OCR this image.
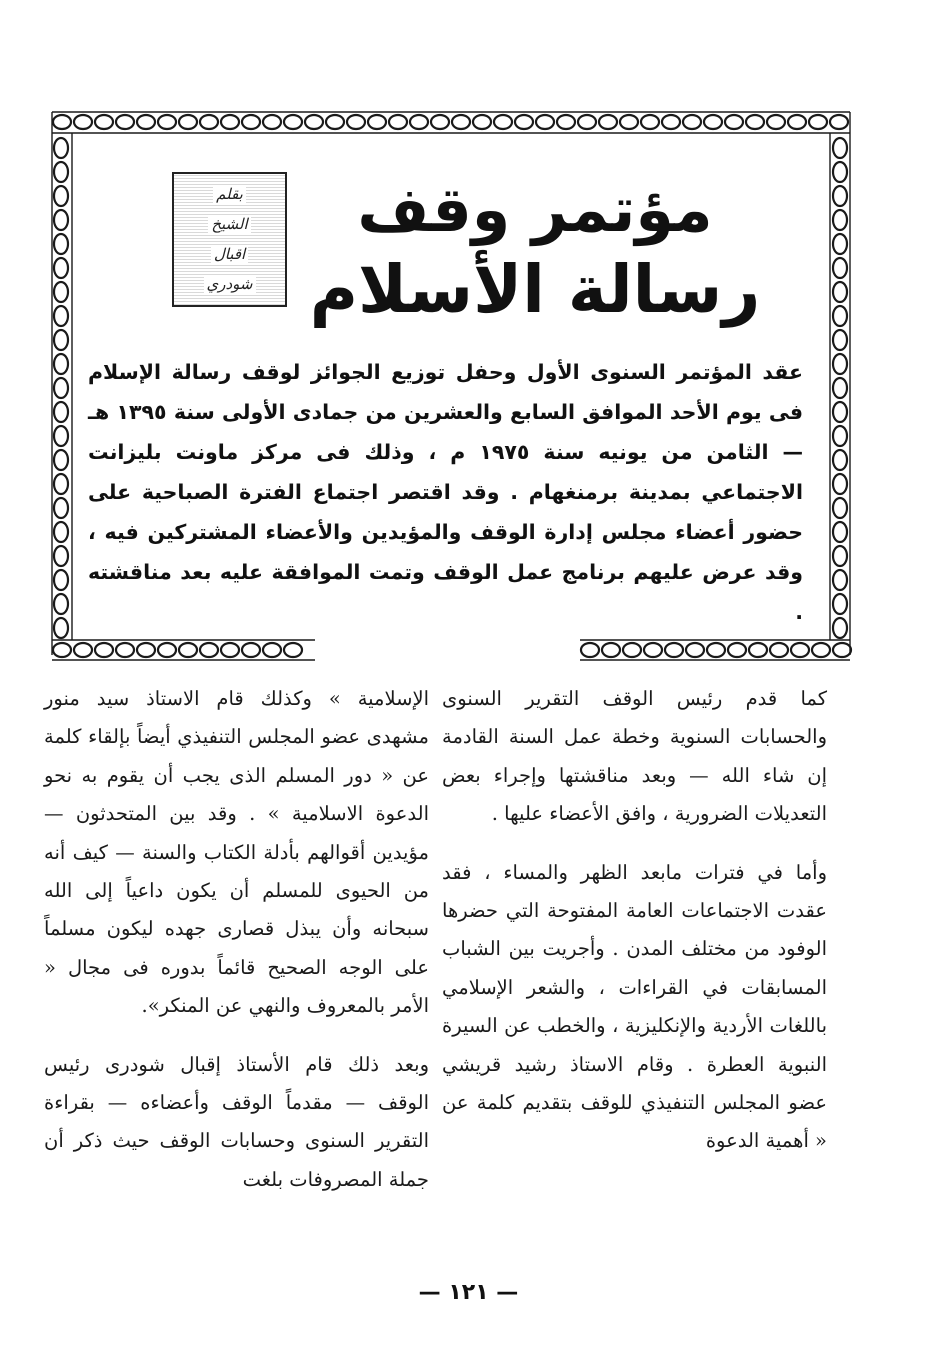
مؤتمر وقف
رسالة الأسلام
بقلم
الشيخ
اقبال
شودري

عقد المؤتمر السنوى الأول وحفل توزيع الجوائز لوقف رسالة الإسلام فى يوم الأحد الموافق السابع والعشرين من جمادى الأولى سنة ١٣٩٥ هـ — الثامن من يونيه سنة ١٩٧٥ م ، وذلك فى مركز ماونت بليزانت الاجتماعي بمدينة برمنغهام . وقد اقتصر اجتماع الفترة الصباحية على حضور أعضاء مجلس إدارة الوقف والمؤيدين والأعضاء المشتركين فيه ، وقد عرض عليهم برنامج عمل الوقف وتمت الموافقة عليه بعد مناقشته .

كما قدم رئيس الوقف التقرير السنوى والحسابات السنوية وخطة عمل السنة القادمة إن شاء الله — وبعد مناقشتها وإجراء بعض التعديلات الضرورية ، وافق الأعضاء عليها .

وأما في فترات مابعد الظهر والمساء ، فقد عقدت الاجتماعات العامة المفتوحة التي حضرها الوفود من مختلف المدن . وأجريت بين الشباب المسابقات في القراءات ، والشعر الإسلامي باللغات الأردية والإنكليزية ، والخطب عن السيرة النبوية العطرة . وقام الاستاذ رشيد قريشي عضو المجلس التنفيذي للوقف بتقديم كلمة عن « أهمية الدعوة

الإسلامية » وكذلك قام الاستاذ سيد منور مشهدى عضو المجلس التنفيذي أيضاً بإلقاء كلمة عن « دور المسلم الذى يجب أن يقوم به نحو الدعوة الاسلامية » . وقد بين المتحدثون — مؤيدين أقوالهم بأدلة الكتاب والسنة — كيف أنه من الحيوى للمسلم أن يكون داعياً إلى الله سبحانه وأن يبذل قصارى جهده ليكون مسلماً على الوجه الصحيح قائماً بدوره فى مجال « الأمر بالمعروف والنهي عن المنكر».

وبعد ذلك قام الأستاذ إقبال شودرى رئيس الوقف — مقدماً الوقف وأعضاءه — بقراءة التقرير السنوى وحسابات الوقف حيث ذكر أن جملة المصروفات بلغت

— ١٢١ —
